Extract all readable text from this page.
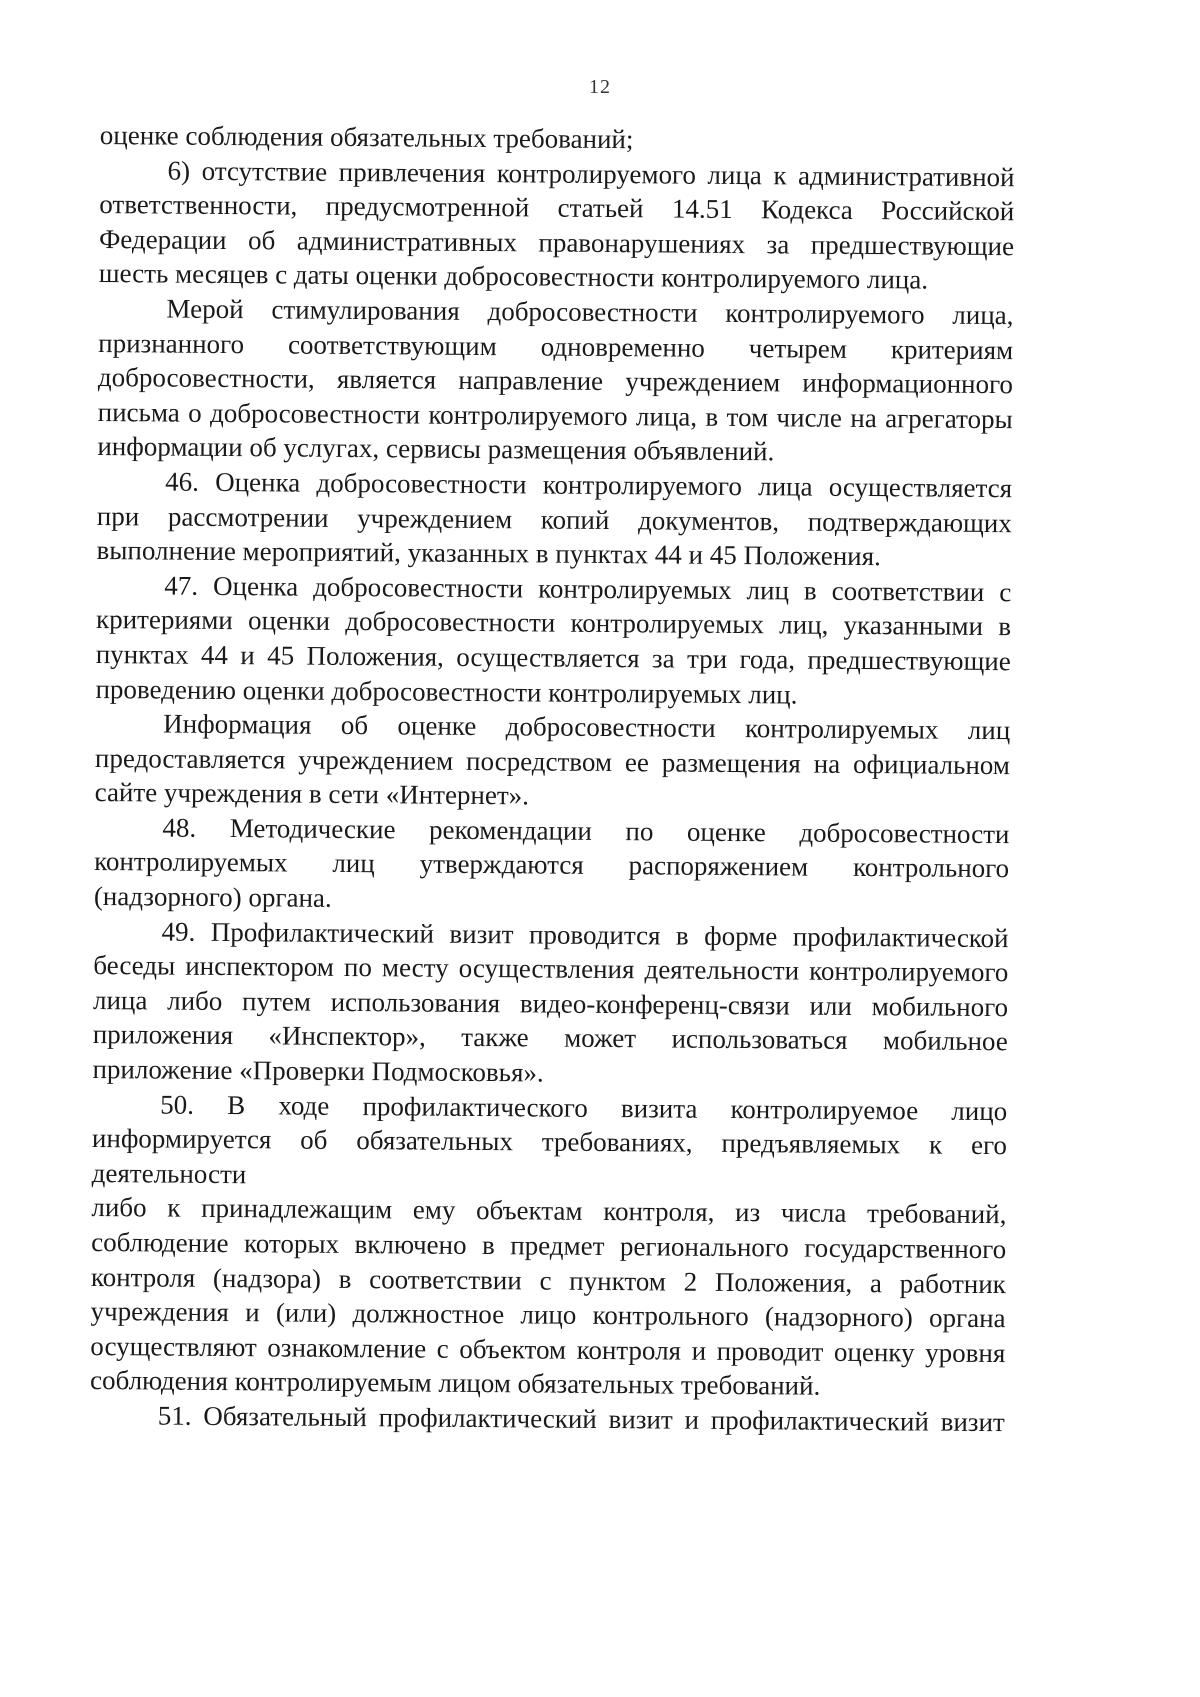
12

оценке соблюдения обязательных требований;

6) отсутствие привлечения контролируемого лица к административной ответственности, предусмотренной статьей 14.51 Кодекса Российской Федерации об административных правонарушениях за предшествующие шесть месяцев с даты оценки добросовестности контролируемого лица.

Мерой стимулирования добросовестности контролируемого лица, признанного соответствующим одновременно четырем критериям добросовестности, является направление учреждением информационного письма о добросовестности контролируемого лица, в том числе на агрегаторы информации об услугах, сервисы размещения объявлений.

46. Оценка добросовестности контролируемого лица осуществляется при рассмотрении учреждением копий документов, подтверждающих выполнение мероприятий, указанных в пунктах 44 и 45 Положения.

47. Оценка добросовестности контролируемых лиц в соответствии с критериями оценки добросовестности контролируемых лиц, указанными в пунктах 44 и 45 Положения, осуществляется за три года, предшествующие проведению оценки добросовестности контролируемых лиц.

Информация об оценке добросовестности контролируемых лиц предоставляется учреждением посредством ее размещения на официальном сайте учреждения в сети «Интернет».

48. Методические рекомендации по оценке добросовестности контролируемых лиц утверждаются распоряжением контрольного (надзорного) органа.

49. Профилактический визит проводится в форме профилактической беседы инспектором по месту осуществления деятельности контролируемого лица либо путем использования видео-конференц-связи или мобильного приложения «Инспектор», также может использоваться мобильное приложение «Проверки Подмосковья».

50. В ходе профилактического визита контролируемое лицо информируется об обязательных требованиях, предъявляемых к его деятельности

либо к принадлежащим ему объектам контроля, из числа требований, соблюдение которых включено в предмет регионального государственного контроля (надзора) в соответствии с пунктом 2 Положения, а работник учреждения и (или) должностное лицо контрольного (надзорного) органа осуществляют ознакомление с объектом контроля и проводит оценку уровня соблюдения контролируемым лицом обязательных требований.

51. Обязательный профилактический визит и профилактический визит
